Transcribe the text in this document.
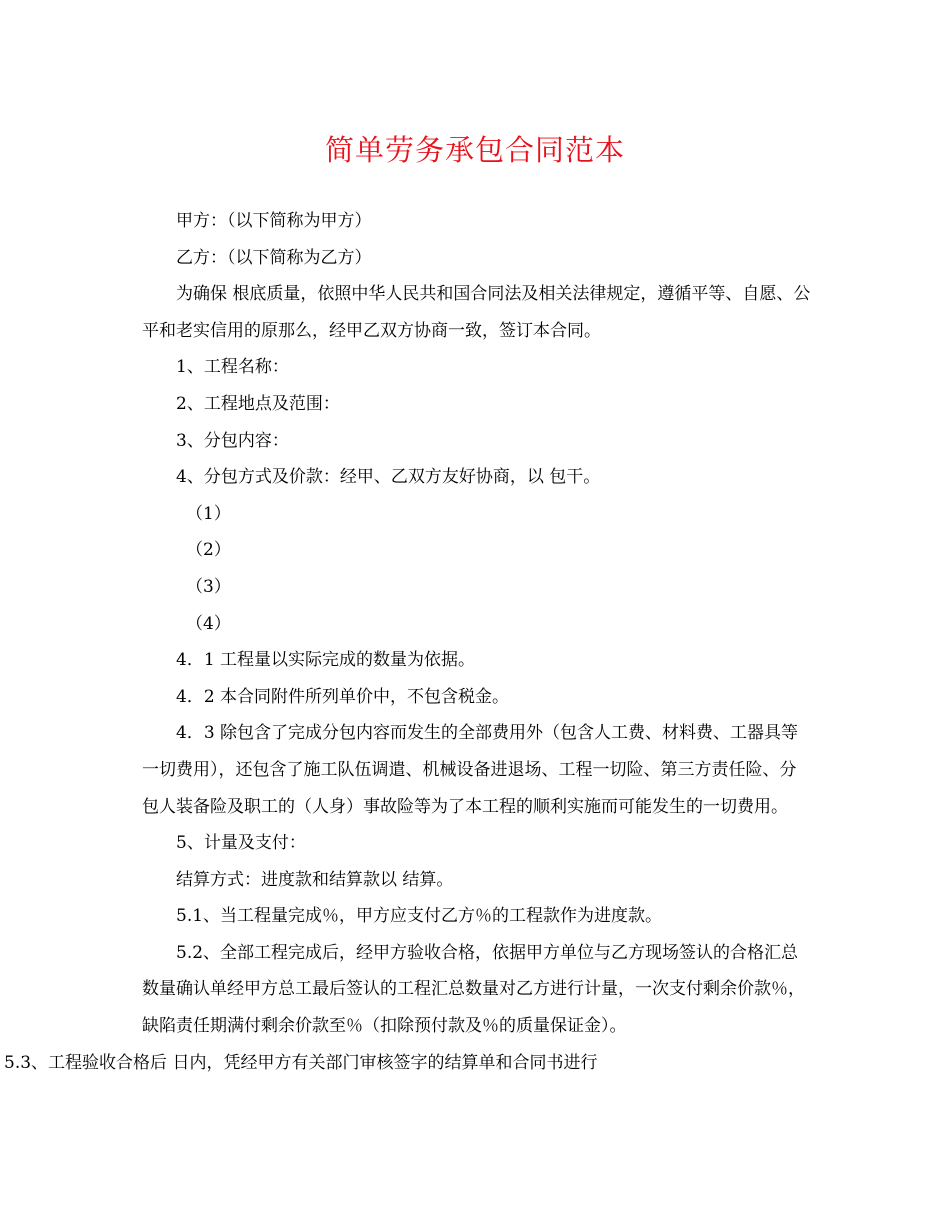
简单劳务承包合同范本

甲方：（以下简称为甲方）

乙方：（以下简称为乙方）

为确保 根底质量，依照中华人民共和国合同法及相关法律规定，遵循平等、自愿、公平和老实信用的原那么，经甲乙双方协商一致，签订本合同。

1、工程名称：

2、工程地点及范围：

3、分包内容：

4、分包方式及价款：经甲、乙双方友好协商，以 包干。

（1）

（2）

（3）

（4）

4．1 工程量以实际完成的数量为依据。

4．2 本合同附件所列单价中，不包含税金。

4．3 除包含了完成分包内容而发生的全部费用外（包含人工费、材料费、工器具等一切费用），还包含了施工队伍调遣、机械设备进退场、工程一切险、第三方责任险、分包人装备险及职工的（人身）事故险等为了本工程的顺利实施而可能发生的一切费用。

5、计量及支付：

结算方式：进度款和结算款以 结算。

5.1、当工程量完成％，甲方应支付乙方％的工程款作为进度款。

5.2、全部工程完成后，经甲方验收合格，依据甲方单位与乙方现场签认的合格汇总数量确认单经甲方总工最后签认的工程汇总数量对乙方进行计量，一次支付剩余价款％，缺陷责任期满付剩余价款至％（扣除预付款及％的质量保证金）。

5.3、工程验收合格后 日内，凭经甲方有关部门审核签字的结算单和合同书进行
